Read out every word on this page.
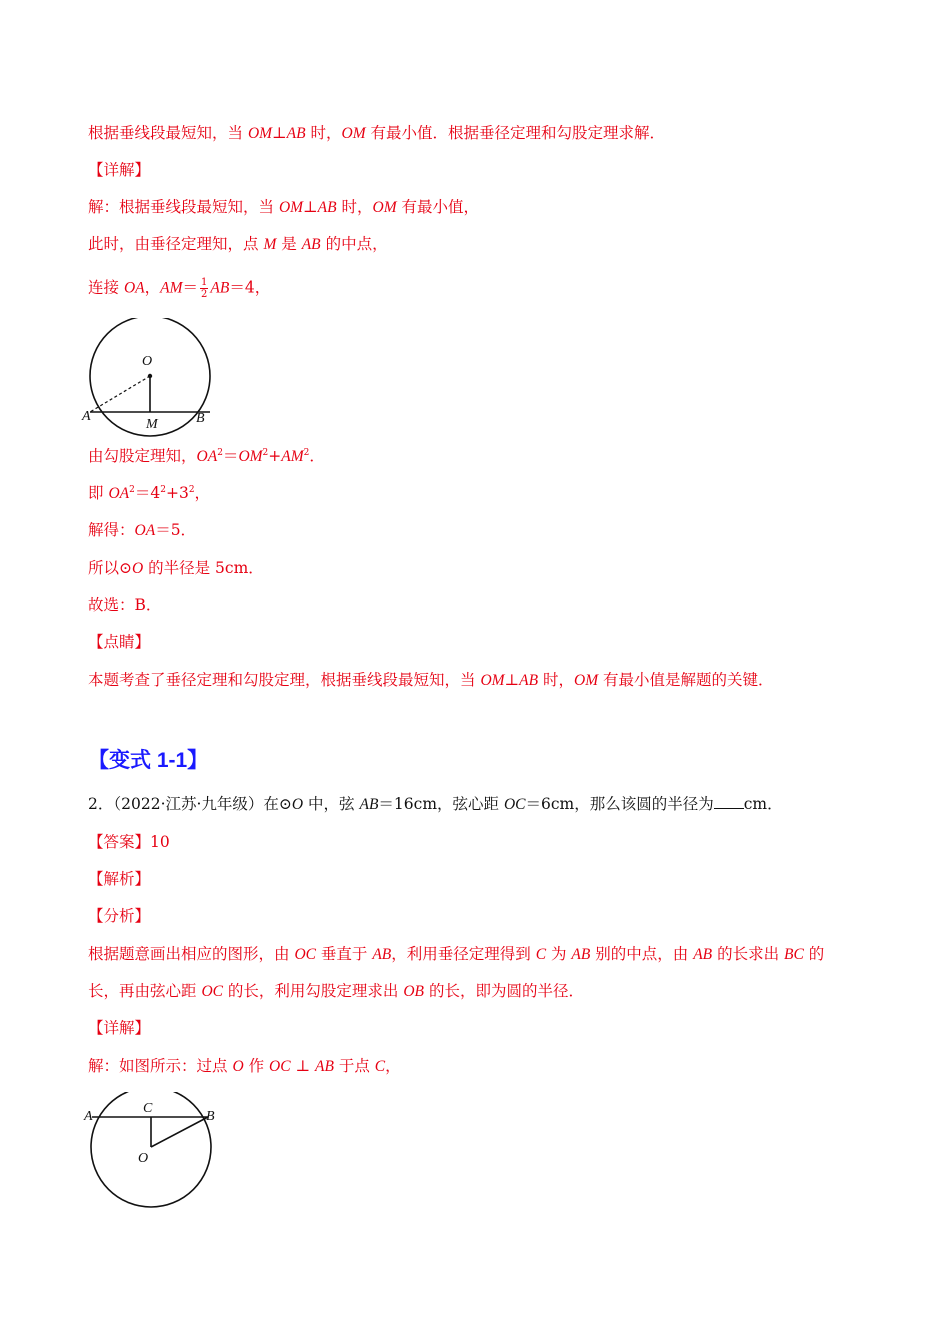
根据垂线段最短知，当 OM⊥AB 时，OM 有最小值．根据垂径定理和勾股定理求解．
【详解】
解：根据垂线段最短知，当 OM⊥AB 时，OM 有最小值，
此时，由垂径定理知，点 M 是 AB 的中点，
连接 OA，$AM= \frac{1}{2} AB=4$，
O
A	B
M
由勾股定理知，$OA^2=OM^2+AM^2$．
即 $OA^2=4^2+3^2$，
解得：OA＝5．
所以⊙O 的半径是 5cm．
故选：B．
【点睛】
本题考查了垂径定理和勾股定理，根据垂线段最短知，当 OM⊥AB 时，OM 有最小值是解题的关键．
【变式 1-1】
2．（2022·江苏·九年级）在⊙O 中，弦 AB＝16cm，弦心距 OC＝6cm，那么该圆的半径为 cm．
【答案】10
【解析】
【分析】
根据题意画出相应的图形，由 OC 垂直于 AB，利用垂径定理得到 C 为 AB 别的中点，由 AB 的长求出 BC 的
长，再由弦心距 OC 的长，利用勾股定理求出 OB 的长，即为圆的半径．
【详解】
解：如图所示：过点 O 作 OC ⊥ AB 于点 C，
A	B
C
O
